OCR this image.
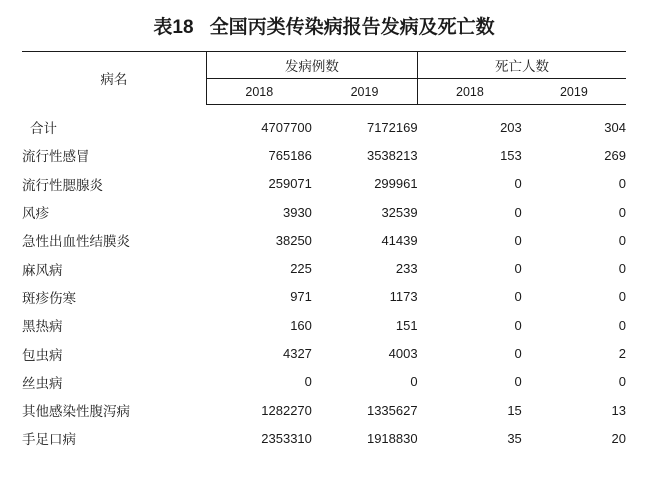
表18 全国丙类传染病报告发病及死亡数
病名	发病例数		死亡人数	
	2018	2019	2018	2019

合计	4707700	7172169	203	304
流行性感冒	765186	3538213	153	269
流行性腮腺炎	259071	299961	0	0
风疹	3930	32539	0	0
急性出血性结膜炎	38250	41439	0	0
麻风病	225	233	0	0
斑疹伤寒	971	1173	0	0
黑热病	160	151	0	0
包虫病	4327	4003	0	2
丝虫病	0	0	0	0
其他感染性腹泻病	1282270	1335627	15	13
手足口病	2353310	1918830	35	20
